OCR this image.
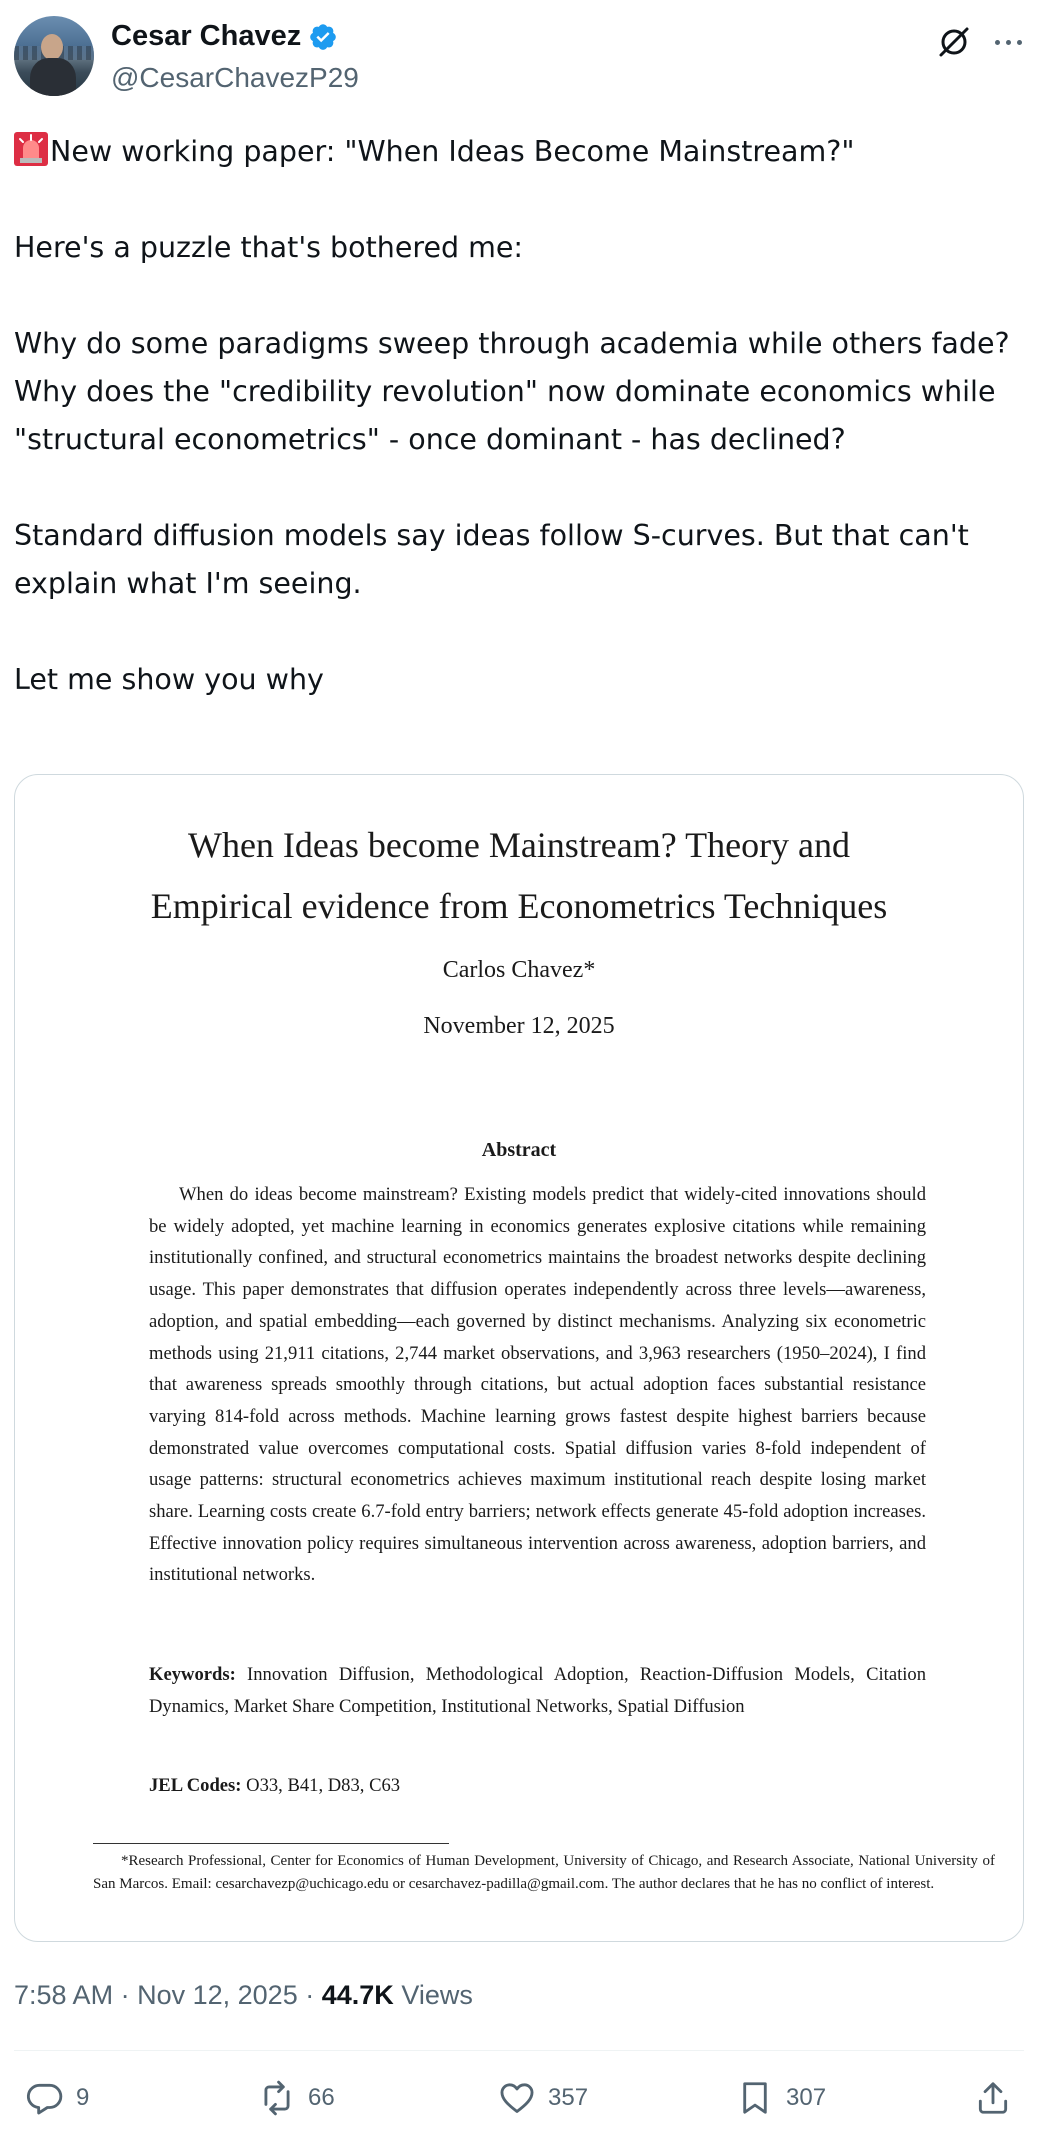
Cesar Chavez
@CesarChavezP29

New working paper: "When Ideas Become Mainstream?"

Here's a puzzle that's bothered me:

Why do some paradigms sweep through academia while others fade? Why does the "credibility revolution" now dominate economics while "structural econometrics" - once dominant - has declined?

Standard diffusion models say ideas follow S-curves. But that can't explain what I'm seeing.

Let me show you why

When Ideas become Mainstream? Theory and
Empirical evidence from Econometrics Techniques
Carlos Chavez*
November 12, 2025
Abstract
When do ideas become mainstream? Existing models predict that widely-cited innovations should be widely adopted, yet machine learning in economics generates explosive citations while remaining institutionally confined, and structural econometrics maintains the broadest networks despite declining usage. This paper demonstrates that diffusion operates independently across three levels—awareness, adoption, and spatial embedding—each governed by distinct mechanisms. Analyzing six econometric methods using 21,911 citations, 2,744 market observations, and 3,963 researchers (1950–2024), I find that awareness spreads smoothly through citations, but actual adoption faces substantial resistance varying 814-fold across methods. Machine learning grows fastest despite highest barriers because demonstrated value overcomes computational costs. Spatial diffusion varies 8-fold independent of usage patterns: structural econometrics achieves maximum institutional reach despite losing market share. Learning costs create 6.7-fold entry barriers; network effects generate 45-fold adoption increases. Effective innovation policy requires simultaneous intervention across awareness, adoption barriers, and institutional networks.
Keywords: Innovation Diffusion, Methodological Adoption, Reaction-Diffusion Models, Citation Dynamics, Market Share Competition, Institutional Networks, Spatial Diffusion
JEL Codes: O33, B41, D83, C63
*Research Professional, Center for Economics of Human Development, University of Chicago, and Research Associate, National University of San Marcos. Email: cesarchavezp@uchicago.edu or cesarchavez-padilla@gmail.com. The author declares that he has no conflict of interest.
7:58 AM · Nov 12, 2025 · 44.7K Views
9	66	357	307
